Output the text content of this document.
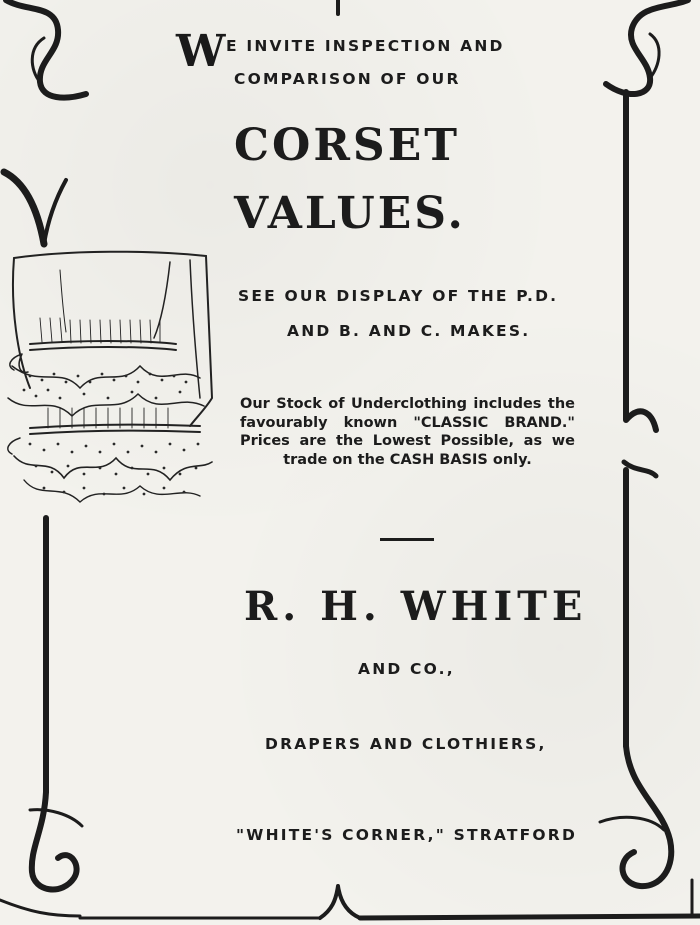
W E INVITE INSPECTION AND
COMPARISON OF OUR
CORSET
VALUES.
SEE OUR DISPLAY OF THE P.D.
AND B. AND C. MAKES.
Our Stock of Underclothing includes the favourably known "CLASSIC BRAND." Prices are the Lowest Possible, as we trade on the CASH BASIS only.
R. H. WHITE
AND CO.,
DRAPERS AND CLOTHIERS,
"WHITE'S CORNER," STRATFORD
